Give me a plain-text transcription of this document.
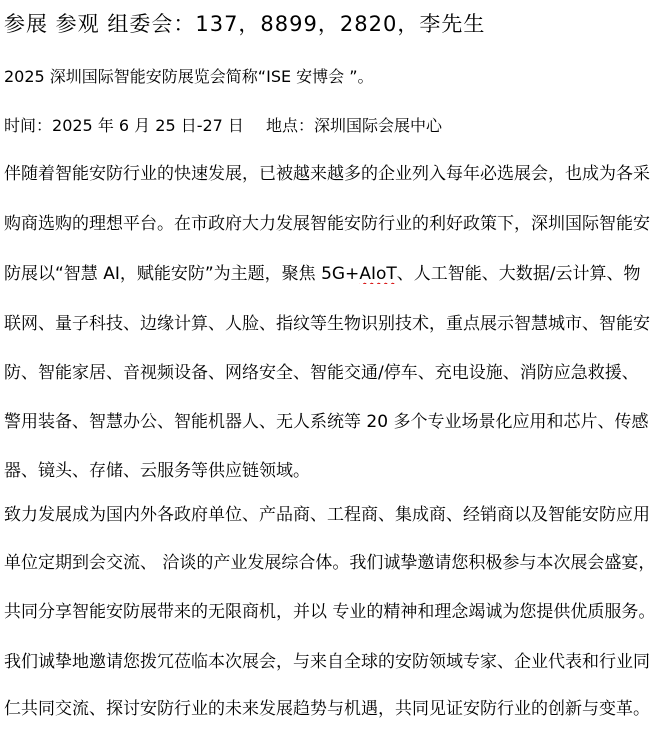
参展 参观 组委会：137，8899，2820，李先生
2025 深圳国际智能安防展览会简称“ISE 安博会 ”。
时间：2025 年 6 月 25 日-27 日 地点：深圳国际会展中心
伴随着智能安防行业的快速发展，已被越来越多的企业列入每年必选展会，也成为各采
购商选购的理想平台。在市政府大力发展智能安防行业的利好政策下，深圳国际智能安
防展以“智慧 AI，赋能安防”为主题，聚焦 5G+AIoT、人工智能、大数据/云计算、物
联网、量子科技、边缘计算、人脸、指纹等生物识别技术，重点展示智慧城市、智能安
防、智能家居、音视频设备、网络安全、智能交通/停车、充电设施、消防应急救援、
警用装备、智慧办公、智能机器人、无人系统等 20 多个专业场景化应用和芯片、传感
器、镜头、存储、云服务等供应链领域。
致力发展成为国内外各政府单位、产品商、工程商、集成商、经销商以及智能安防应用
单位定期到会交流、 洽谈的产业发展综合体。我们诚挚邀请您积极参与本次展会盛宴，
共同分享智能安防展带来的无限商机，并以 专业的精神和理念竭诚为您提供优质服务。
我们诚挚地邀请您拨冗莅临本次展会，与来自全球的安防领域专家、企业代表和行业同
仁共同交流、探讨安防行业的未来发展趋势与机遇，共同见证安防行业的创新与变革。
